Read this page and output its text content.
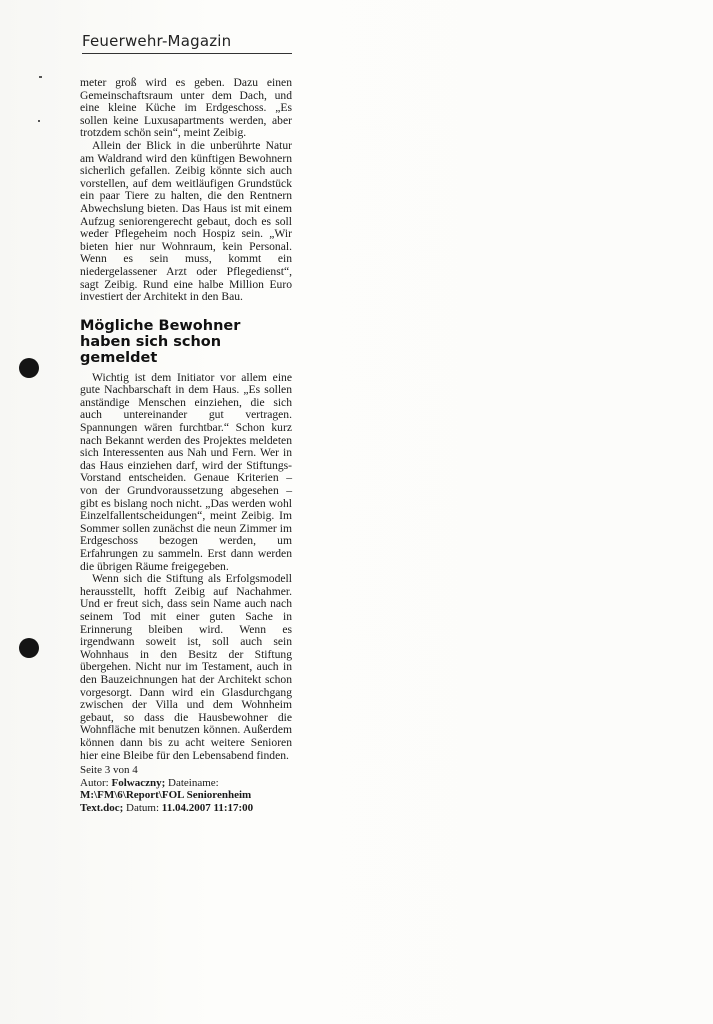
Feuerwehr-Magazin

meter groß wird es geben. Dazu einen Gemeinschaftsraum unter dem Dach, und eine kleine Küche im Erdgeschoss. „Es sollen keine Luxusapartments werden, aber trotzdem schön sein“, meint Zeibig.

Allein der Blick in die unberührte Natur am Waldrand wird den künftigen Bewohnern sicherlich gefallen. Zeibig könnte sich auch vorstellen, auf dem weitläufigen Grundstück ein paar Tiere zu halten, die den Rentnern Abwechslung bieten. Das Haus ist mit einem Aufzug seniorengerecht gebaut, doch es soll weder Pflegeheim noch Hospiz sein. „Wir bieten hier nur Wohnraum, kein Personal. Wenn es sein muss, kommt ein niedergelassener Arzt oder Pflegedienst“, sagt Zeibig. Rund eine halbe Million Euro investiert der Architekt in den Bau.

Mögliche Bewohner haben sich schon gemeldet

Wichtig ist dem Initiator vor allem eine gute Nachbarschaft in dem Haus. „Es sollen anständige Menschen einziehen, die sich auch untereinander gut vertragen. Spannungen wären furchtbar.“ Schon kurz nach Bekannt werden des Projektes meldeten sich Interessenten aus Nah und Fern. Wer in das Haus einziehen darf, wird der Stiftungs-Vorstand entscheiden. Genaue Kriterien – von der Grundvoraussetzung abgesehen – gibt es bislang noch nicht. „Das werden wohl Einzelfallentscheidungen“, meint Zeibig. Im Sommer sollen zunächst die neun Zimmer im Erdgeschoss bezogen werden, um Erfahrungen zu sammeln. Erst dann werden die übrigen Räume freigegeben.

Wenn sich die Stiftung als Erfolgsmodell herausstellt, hofft Zeibig auf Nachahmer. Und er freut sich, dass sein Name auch nach seinem Tod mit einer guten Sache in Erinnerung bleiben wird. Wenn es irgendwann soweit ist, soll auch sein Wohnhaus in den Besitz der Stiftung übergehen. Nicht nur im Testament, auch in den Bauzeichnungen hat der Architekt schon vorgesorgt. Dann wird ein Glasdurchgang zwischen der Villa und dem Wohnheim gebaut, so dass die Hausbewohner die Wohnfläche mit benutzen können. Außerdem können dann bis zu acht weitere Senioren hier eine Bleibe für den Lebensabend finden.

Seite 3 von 4
Autor: Folwaczny; Dateiname: M:\FM\6\Report\FOL Seniorenheim Text.doc; Datum: 11.04.2007 11:17:00
